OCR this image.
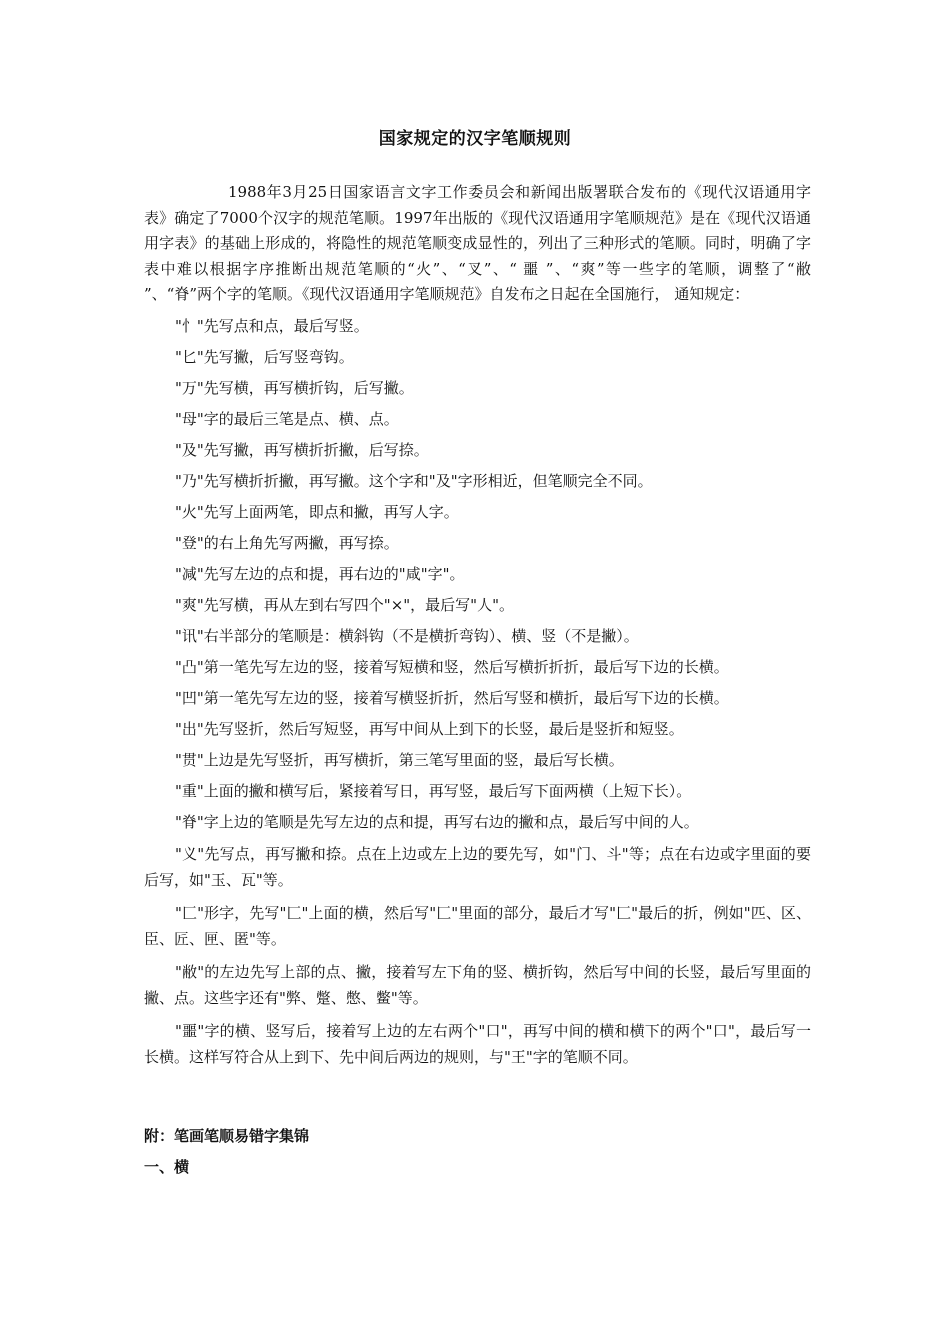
国家规定的汉字笔顺规则

1988年3月25日国家语言文字工作委员会和新闻出版署联合发布的《现代汉语通用字表》确定了7000个汉字的规范笔顺。1997年出版的《现代汉语通用字笔顺规范》是在《现代汉语通用字表》的基础上形成的，将隐性的规范笔顺变成显性的，列出了三种形式的笔顺。同时，明确了字表中难以根据字序推断出规范笔顺的“火”、“叉”、“ 噩 ”、“爽”等一些字的笔顺，调整了“敝 ”、“脊”两个字的笔顺。《现代汉语通用字笔顺规范》自发布之日起在全国施行， 通知规定：

"忄"先写点和点，最后写竖。

"匕"先写撇，后写竖弯钩。

"万"先写横，再写横折钩，后写撇。

"母"字的最后三笔是点、横、点。

"及"先写撇，再写横折折撇，后写捺。

"乃"先写横折折撇，再写撇。这个字和"及"字形相近，但笔顺完全不同。

"火"先写上面两笔，即点和撇，再写人字。

"登"的右上角先写两撇，再写捺。

"减"先写左边的点和提，再右边的"咸"字"。

"爽"先写横，再从左到右写四个"×"，最后写"人"。

"讯"右半部分的笔顺是：横斜钩（不是横折弯钩）、横、竖（不是撇）。

"凸"第一笔先写左边的竖，接着写短横和竖，然后写横折折折，最后写下边的长横。

"凹"第一笔先写左边的竖，接着写横竖折折，然后写竖和横折，最后写下边的长横。

"出"先写竖折，然后写短竖，再写中间从上到下的长竖，最后是竖折和短竖。

"贯"上边是先写竖折，再写横折，第三笔写里面的竖，最后写长横。

"重"上面的撇和横写后，紧接着写日，再写竖，最后写下面两横（上短下长）。

"脊"字上边的笔顺是先写左边的点和提，再写右边的撇和点，最后写中间的人。

"义"先写点，再写撇和捺。点在上边或左上边的要先写，如"门、斗"等；点在右边或字里面的要后写，如"玉、瓦"等。

"匚"形字，先写"匚"上面的横，然后写"匚"里面的部分，最后才写"匚"最后的折，例如"匹、区、臣、匠、匣、匿"等。

"敝"的左边先写上部的点、撇，接着写左下角的竖、横折钩，然后写中间的长竖，最后写里面的撇、点。这些字还有"弊、蹩、憋、鳖"等。

"噩"字的横、竖写后，接着写上边的左右两个"口"，再写中间的横和横下的两个"口"，最后写一长横。这样写符合从上到下、先中间后两边的规则，与"王"字的笔顺不同。

附：笔画笔顺易错字集锦
一、横
